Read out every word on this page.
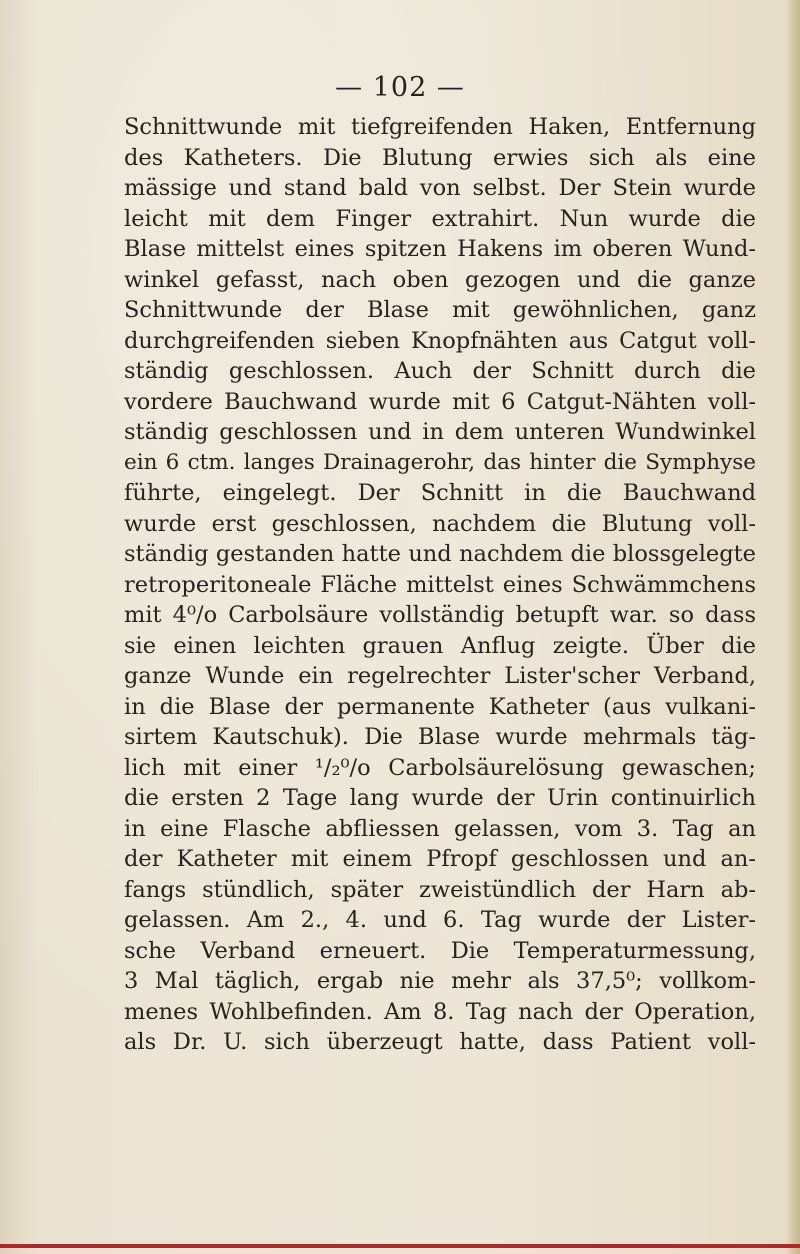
— 102 —
Schnittwunde mit tiefgreifenden Haken, Entfernung
des Katheters. Die Blutung erwies sich als eine
mässige und stand bald von selbst. Der Stein wurde
leicht mit dem Finger extrahirt. Nun wurde die
Blase mittelst eines spitzen Hakens im oberen Wund-
winkel gefasst, nach oben gezogen und die ganze
Schnittwunde der Blase mit gewöhnlichen, ganz
durchgreifenden sieben Knopfnähten aus Catgut voll-
ständig geschlossen. Auch der Schnitt durch die
vordere Bauchwand wurde mit 6 Catgut-Nähten voll-
ständig geschlossen und in dem unteren Wundwinkel
ein 6 ctm. langes Drainagerohr, das hinter die Symphyse
führte, eingelegt. Der Schnitt in die Bauchwand
wurde erst geschlossen, nachdem die Blutung voll-
ständig gestanden hatte und nachdem die blossgelegte
retroperitoneale Fläche mittelst eines Schwämmchens
mit 4⁰/o Carbolsäure vollständig betupft war. so dass
sie einen leichten grauen Anflug zeigte. Über die
ganze Wunde ein regelrechter Lister'scher Verband,
in die Blase der permanente Katheter (aus vulkani-
sirtem Kautschuk). Die Blase wurde mehrmals täg-
lich mit einer ¹/₂⁰/o Carbolsäurelösung gewaschen;
die ersten 2 Tage lang wurde der Urin continuirlich
in eine Flasche abfliessen gelassen, vom 3. Tag an
der Katheter mit einem Pfropf geschlossen und an-
fangs stündlich, später zweistündlich der Harn ab-
gelassen. Am 2., 4. und 6. Tag wurde der Lister-
sche Verband erneuert. Die Temperaturmessung,
3 Mal täglich, ergab nie mehr als 37,5⁰; vollkom-
menes Wohlbefinden. Am 8. Tag nach der Operation,
als Dr. U. sich überzeugt hatte, dass Patient voll-
